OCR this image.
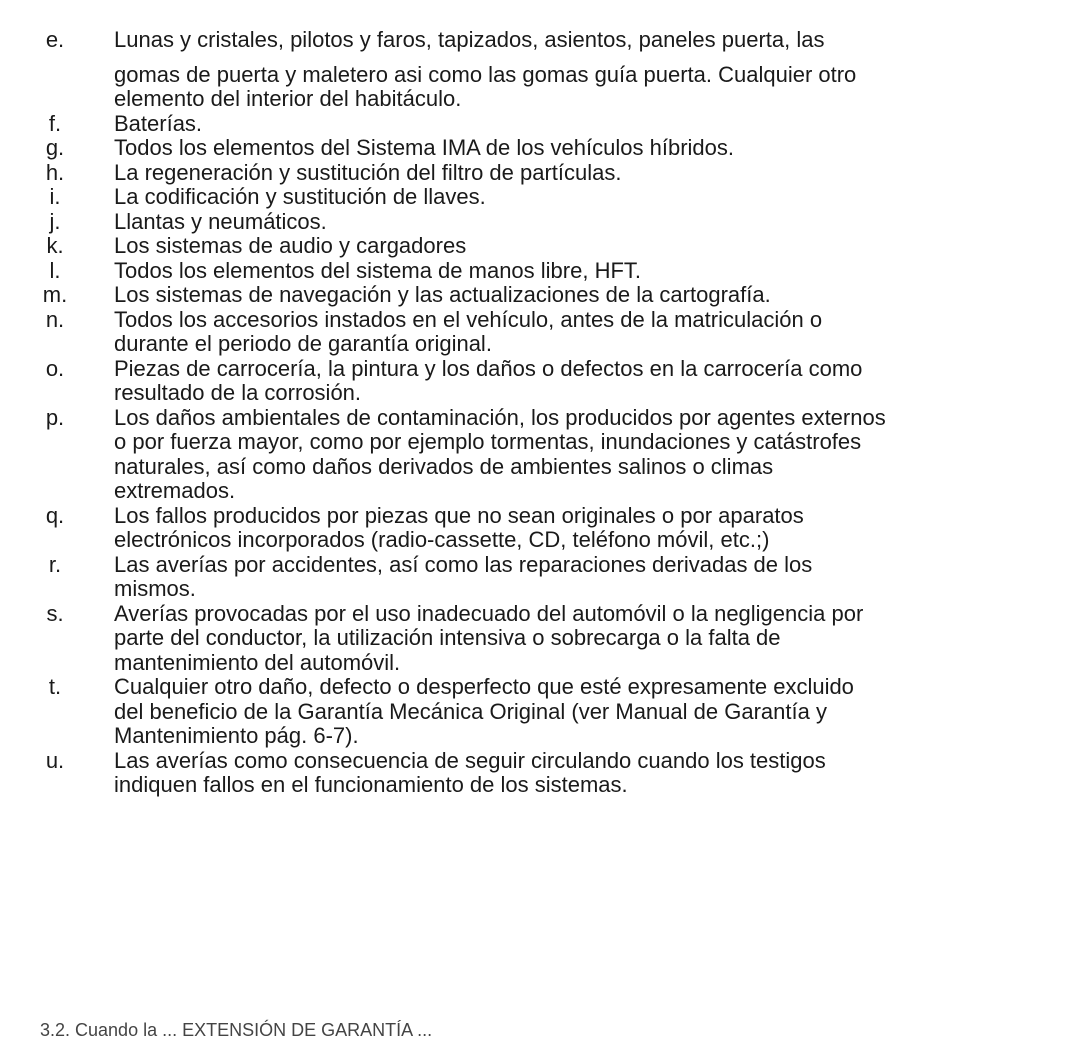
e.	Lunas y cristales, pilotos y faros, tapizados, asientos, paneles puerta, las
gomas de puerta y maletero asi como las gomas guía puerta. Cualquier otro
elemento del interior del habitáculo.
f.	Baterías.
g.	Todos los elementos del Sistema IMA de los vehículos híbridos.
h.	La regeneración y sustitución del filtro de partículas.
i.	La codificación y sustitución de llaves.
j.	Llantas y neumáticos.
k.	Los sistemas de audio y cargadores
l.	Todos los elementos del sistema de manos libre, HFT.
m.	Los sistemas de navegación y las actualizaciones de la cartografía.
n.	Todos los accesorios instados en el vehículo, antes de la matriculación o
durante el periodo de garantía original.
o.	Piezas de carrocería, la pintura y los daños o defectos en la carrocería como
resultado de la corrosión.
p.	Los daños ambientales de contaminación, los producidos por agentes externos
o por fuerza mayor, como por ejemplo tormentas, inundaciones y catástrofes
naturales, así como daños derivados de ambientes salinos o climas
extremados.
q.	Los fallos producidos por piezas que no sean originales o por aparatos
electrónicos incorporados (radio-cassette, CD, teléfono móvil, etc.;)
r.	Las averías por accidentes, así como las reparaciones derivadas de los
mismos.
s.	Averías provocadas por el uso inadecuado del automóvil o la negligencia por
parte del conductor, la utilización intensiva o sobrecarga o la falta de
mantenimiento del automóvil.
t.	Cualquier otro daño, defecto o desperfecto que esté expresamente excluido
del beneficio de la Garantía Mecánica Original (ver Manual de Garantía y
Mantenimiento pág. 6-7).
u.	Las averías como consecuencia de seguir circulando cuando los testigos
indiquen fallos en el funcionamiento de los sistemas.
3.2. Cuando la ... EXTENSIÓN DE GARANTÍA ...
